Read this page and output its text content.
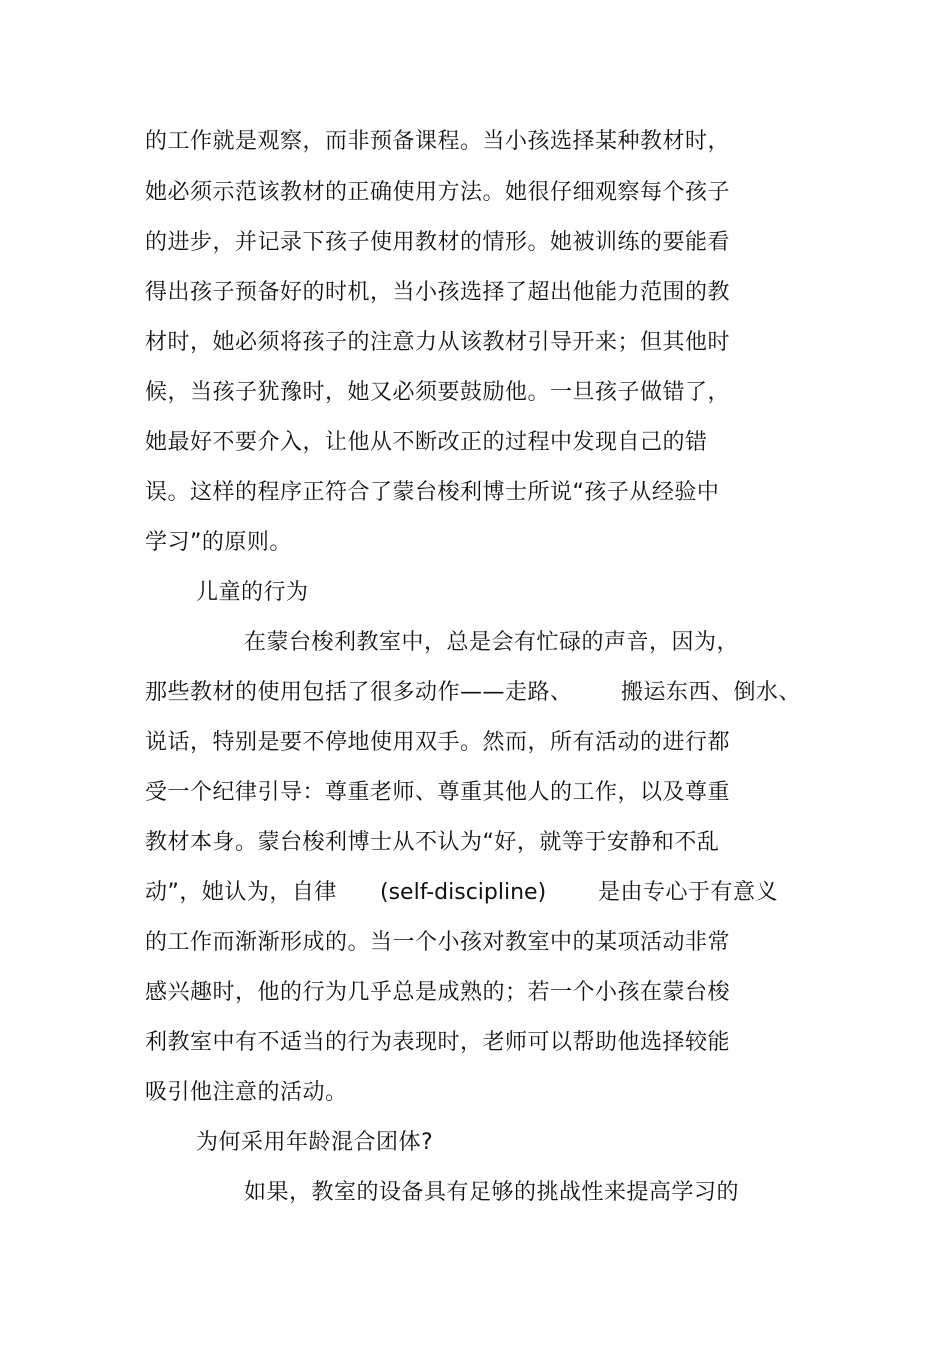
的工作就是观察，而非预备课程。当小孩选择某种教材时，
她必须示范该教材的正确使用方法。她很仔细观察每个孩子
的进步，并记录下孩子使用教材的情形。她被训练的要能看
得出孩子预备好的时机，当小孩选择了超出他能力范围的教
材时，她必须将孩子的注意力从该教材引导开来；但其他时
候，当孩子犹豫时，她又必须要鼓励他。一旦孩子做错了，
她最好不要介入，让他从不断改正的过程中发现自己的错
误。这样的程序正符合了蒙台梭利博士所说“孩子从经验中
学习”的原则。
儿童的行为
在蒙台梭利教室中，总是会有忙碌的声音，因为，
那些教材的使用包括了很多动作——走路、 搬运东西、倒水、
说话，特别是要不停地使用双手。然而，所有活动的进行都
受一个纪律引导：尊重老师、尊重其他人的工作，以及尊重
教材本身。蒙台梭利博士从不认为“好，就等于安静和不乱
动”，她认为，自律 (self-discipline) 是由专心于有意义
的工作而渐渐形成的。当一个小孩对教室中的某项活动非常
感兴趣时，他的行为几乎总是成熟的；若一个小孩在蒙台梭
利教室中有不适当的行为表现时，老师可以帮助他选择较能
吸引他注意的活动。
为何采用年龄混合团体?
如果，教室的设备具有足够的挑战性来提高学习的
